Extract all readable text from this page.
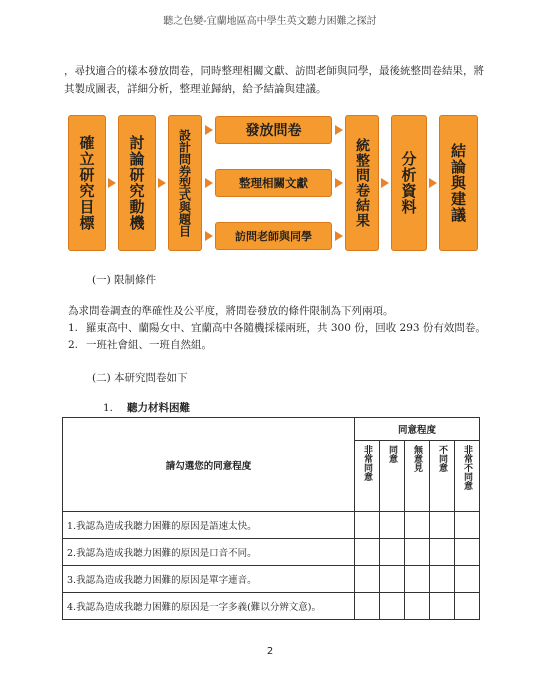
聽之色變-宜蘭地區高中學生英文聽力困難之探討
，尋找適合的樣本發放問卷，同時整理相關文獻、訪問老師與同學，最後統整問卷結果，將其製成圖表，詳細分析，整理並歸納，給予結論與建議。
確立研究目標	討論研究動機	設計問券型式與題目	發放問卷
整理相關文獻
訪問老師與同學
統整問卷結果	分析資料	結論與建議
(一) 限制條件
為求問卷調查的準確性及公平度，將問卷發放的條件限制為下列兩項。
1. 羅東高中、蘭陽女中、宜蘭高中各隨機採樣兩班，共 300 份，回收 293 份有效問卷。
2. 一班社會組、一班自然組。
(二) 本研究問卷如下
1. 聽力材料困難
請勾選您的同意程度	同意程度				
	非常同意	同意	無意見	不同意	非常不同意
1.我認為造成我聽力困難的原因是語速太快。					
2.我認為造成我聽力困難的原因是口音不同。					
3.我認為造成我聽力困難的原因是單字連音。					
4.我認為造成我聽力困難的原因是一字多義(難以分辨文意)。					
2
